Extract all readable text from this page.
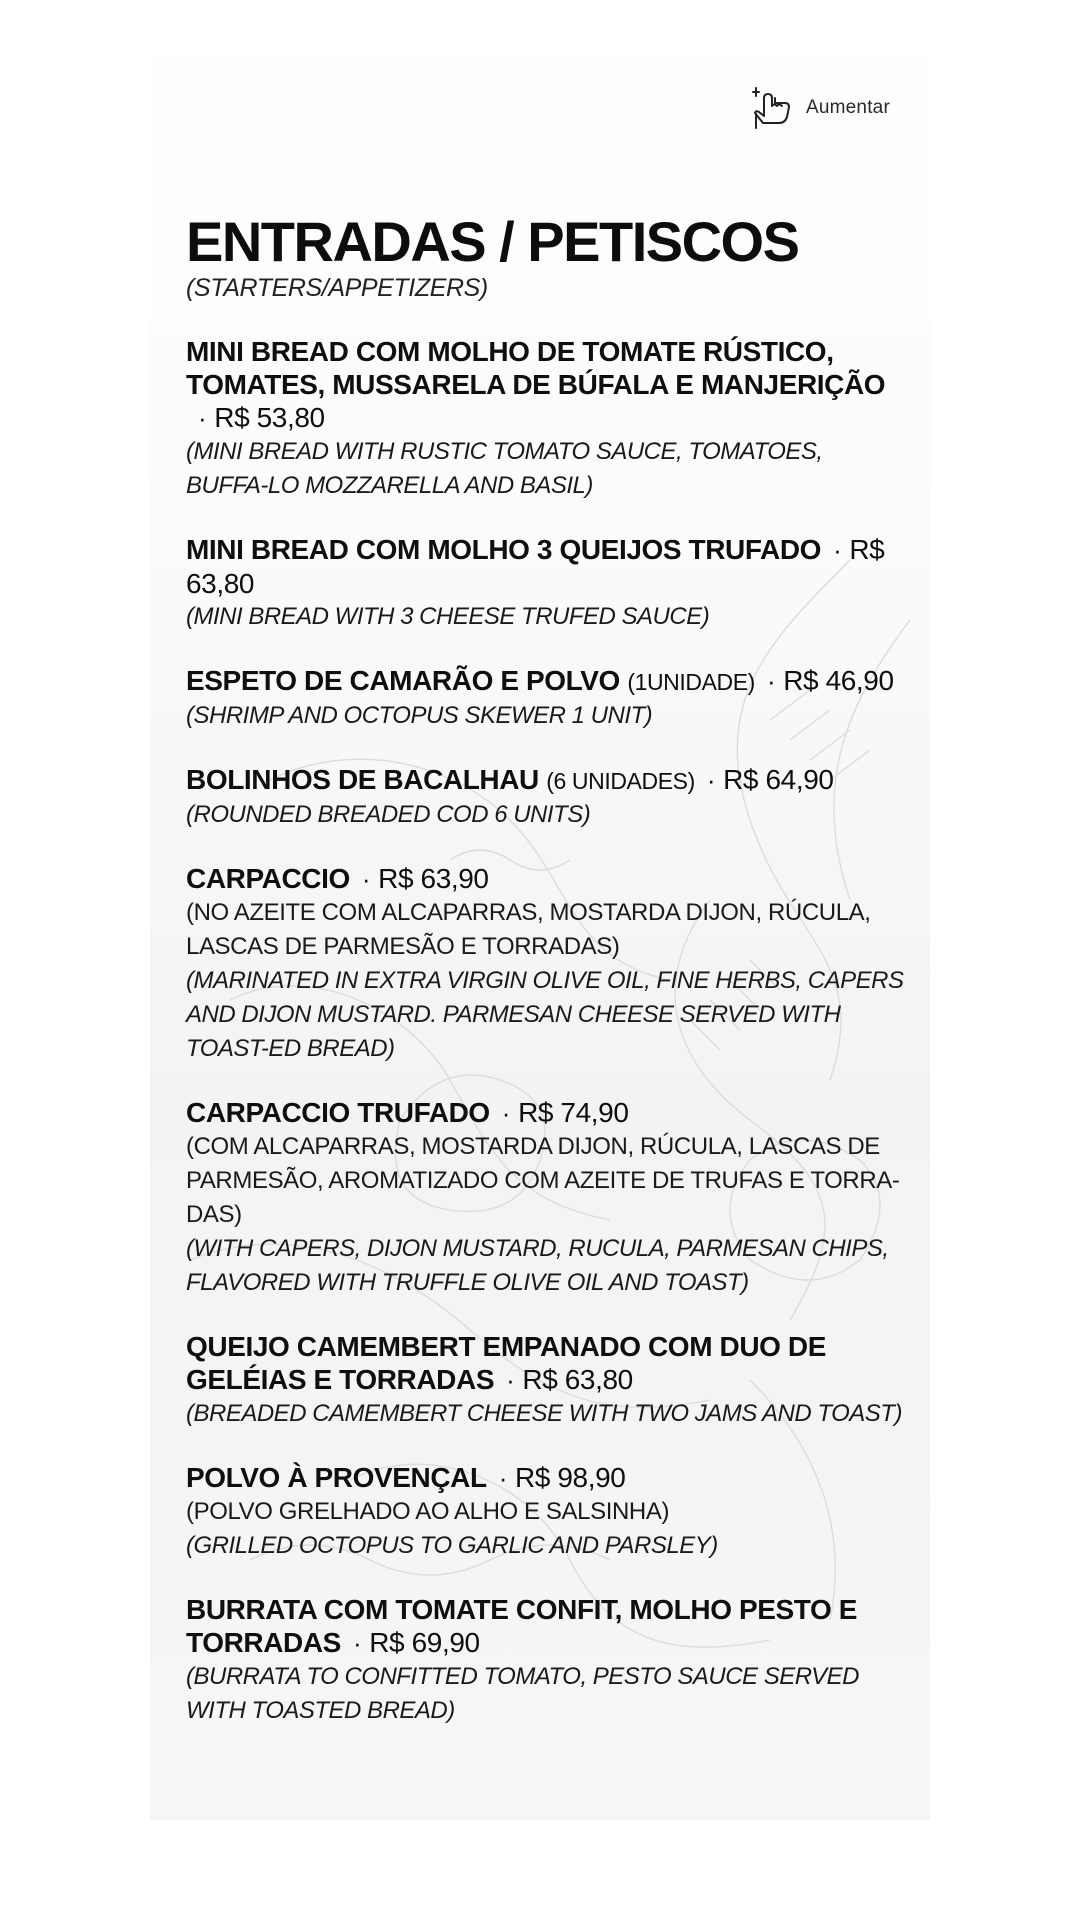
Aumentar
ENTRADAS / PETISCOS
(STARTERS/APPETIZERS)
MINI BREAD COM MOLHO DE TOMATE RÚSTICO, TOMATES, MUSSARELA DE BÚFALA E MANJERIÇÃO· R$ 53,80
(MINI BREAD WITH RUSTIC TOMATO SAUCE, TOMATOES, BUFFA-LO MOZZARELLA AND BASIL)
MINI BREAD COM MOLHO 3 QUEIJOS TRUFADO · R$ 63,80
(MINI BREAD WITH 3 CHEESE TRUFED SAUCE)
ESPETO DE CAMARÃO E POLVO (1UNIDADE) · R$ 46,90
(SHRIMP AND OCTOPUS SKEWER 1 UNIT)
BOLINHOS DE BACALHAU (6 UNIDADES) · R$ 64,90
(ROUNDED BREADED COD 6 UNITS)
CARPACCIO · R$ 63,90
(NO AZEITE COM ALCAPARRAS, MOSTARDA DIJON, RÚCULA, LASCAS DE PARMESÃO E TORRADAS)
(MARINATED IN EXTRA VIRGIN OLIVE OIL, FINE HERBS, CAPERS AND DIJON MUSTARD. PARMESAN CHEESE SERVED WITH TOAST-ED BREAD)
CARPACCIO TRUFADO · R$ 74,90
(COM ALCAPARRAS, MOSTARDA DIJON, RÚCULA, LASCAS DE PARMESÃO, AROMATIZADO COM AZEITE DE TRUFAS E TORRA-DAS)
(WITH CAPERS, DIJON MUSTARD, RUCULA, PARMESAN CHIPS, FLAVORED WITH TRUFFLE OLIVE OIL AND TOAST)
QUEIJO CAMEMBERT EMPANADO COM DUO DE GELÉIAS E TORRADAS · R$ 63,80
(BREADED CAMEMBERT CHEESE WITH TWO JAMS AND TOAST)
POLVO À PROVENÇAL · R$ 98,90
(POLVO GRELHADO AO ALHO E SALSINHA)
(GRILLED OCTOPUS TO GARLIC AND PARSLEY)
BURRATA COM TOMATE CONFIT, MOLHO PESTO E TORRADAS · R$ 69,90
(BURRATA TO CONFITTED TOMATO, PESTO SAUCE SERVED WITH TOASTED BREAD)
